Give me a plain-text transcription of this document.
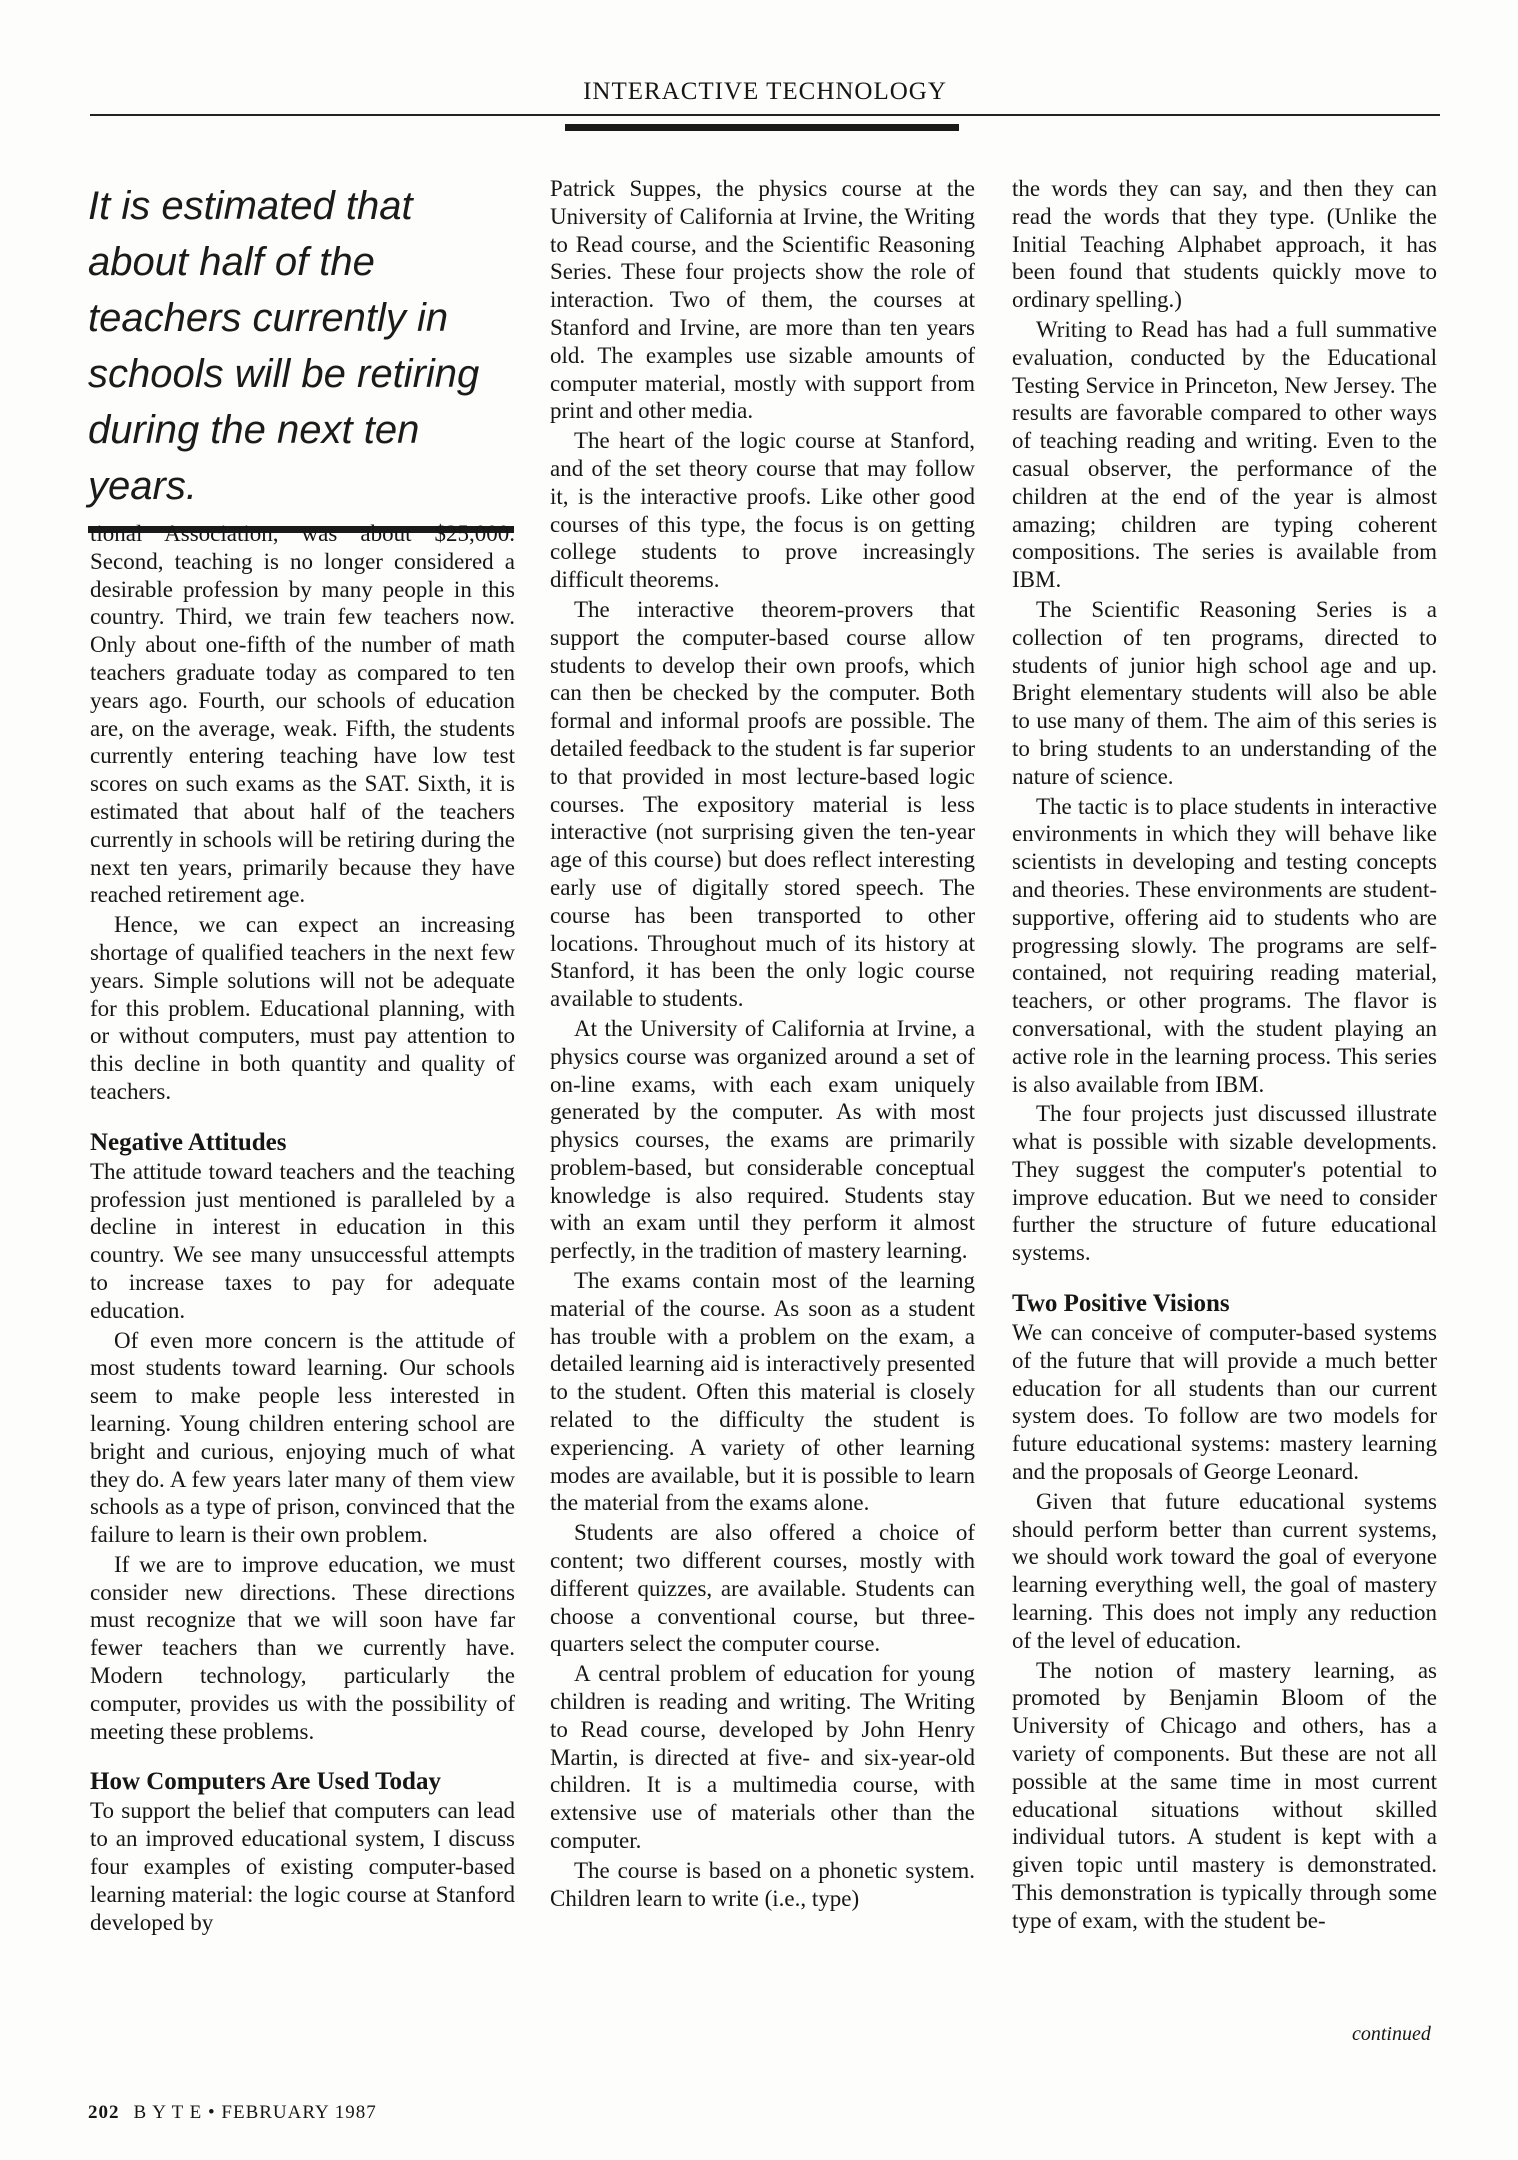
INTERACTIVE TECHNOLOGY
It is estimated that about half of the teachers currently in schools will be retiring during the next ten years.

tional Association, was about $25,000. Second, teaching is no longer considered a desirable profession by many people in this country. Third, we train few teachers now. Only about one-fifth of the number of math teachers graduate today as compared to ten years ago. Fourth, our schools of education are, on the average, weak. Fifth, the students currently entering teaching have low test scores on such exams as the SAT. Sixth, it is estimated that about half of the teachers currently in schools will be retiring during the next ten years, primarily because they have reached retirement age.

Hence, we can expect an increasing shortage of qualified teachers in the next few years. Simple solutions will not be adequate for this problem. Educational planning, with or without computers, must pay attention to this decline in both quantity and quality of teachers.

Negative Attitudes

The attitude toward teachers and the teaching profession just mentioned is paralleled by a decline in interest in education in this country. We see many unsuccessful attempts to increase taxes to pay for adequate education.

Of even more concern is the attitude of most students toward learning. Our schools seem to make people less interested in learning. Young children entering school are bright and curious, enjoying much of what they do. A few years later many of them view schools as a type of prison, convinced that the failure to learn is their own problem.

If we are to improve education, we must consider new directions. These directions must recognize that we will soon have far fewer teachers than we currently have. Modern technology, particularly the computer, provides us with the possibility of meeting these problems.

How Computers Are Used Today

To support the belief that computers can lead to an improved educational system, I discuss four examples of existing computer-based learning material: the logic course at Stanford developed by

Patrick Suppes, the physics course at the University of California at Irvine, the Writing to Read course, and the Scientific Reasoning Series. These four projects show the role of interaction. Two of them, the courses at Stanford and Irvine, are more than ten years old. The examples use sizable amounts of computer material, mostly with support from print and other media.

The heart of the logic course at Stanford, and of the set theory course that may follow it, is the interactive proofs. Like other good courses of this type, the focus is on getting college students to prove increasingly difficult theorems.

The interactive theorem-provers that support the computer-based course allow students to develop their own proofs, which can then be checked by the computer. Both formal and informal proofs are possible. The detailed feedback to the student is far superior to that provided in most lecture-based logic courses. The expository material is less interactive (not surprising given the ten-year age of this course) but does reflect interesting early use of digitally stored speech. The course has been transported to other locations. Throughout much of its history at Stanford, it has been the only logic course available to students.

At the University of California at Irvine, a physics course was organized around a set of on-line exams, with each exam uniquely generated by the computer. As with most physics courses, the exams are primarily problem-based, but considerable conceptual knowledge is also required. Students stay with an exam until they perform it almost perfectly, in the tradition of mastery learning.

The exams contain most of the learning material of the course. As soon as a student has trouble with a problem on the exam, a detailed learning aid is interactively presented to the student. Often this material is closely related to the difficulty the student is experiencing. A variety of other learning modes are available, but it is possible to learn the material from the exams alone.

Students are also offered a choice of content; two different courses, mostly with different quizzes, are available. Students can choose a conventional course, but three-quarters select the computer course.

A central problem of education for young children is reading and writing. The Writing to Read course, developed by John Henry Martin, is directed at five- and six-year-old children. It is a multimedia course, with extensive use of materials other than the computer.

The course is based on a phonetic system. Children learn to write (i.e., type)

the words they can say, and then they can read the words that they type. (Unlike the Initial Teaching Alphabet approach, it has been found that students quickly move to ordinary spelling.)

Writing to Read has had a full summative evaluation, conducted by the Educational Testing Service in Princeton, New Jersey. The results are favorable compared to other ways of teaching reading and writing. Even to the casual observer, the performance of the children at the end of the year is almost amazing; children are typing coherent compositions. The series is available from IBM.

The Scientific Reasoning Series is a collection of ten programs, directed to students of junior high school age and up. Bright elementary students will also be able to use many of them. The aim of this series is to bring students to an understanding of the nature of science.

The tactic is to place students in interactive environments in which they will behave like scientists in developing and testing concepts and theories. These environments are student-supportive, offering aid to students who are progressing slowly. The programs are self-contained, not requiring reading material, teachers, or other programs. The flavor is conversational, with the student playing an active role in the learning process. This series is also available from IBM.

The four projects just discussed illustrate what is possible with sizable developments. They suggest the computer's potential to improve education. But we need to consider further the structure of future educational systems.

Two Positive Visions

We can conceive of computer-based systems of the future that will provide a much better education for all students than our current system does. To follow are two models for future educational systems: mastery learning and the proposals of George Leonard.

Given that future educational systems should perform better than current systems, we should work toward the goal of everyone learning everything well, the goal of mastery learning. This does not imply any reduction of the level of education.

The notion of mastery learning, as promoted by Benjamin Bloom of the University of Chicago and others, has a variety of components. But these are not all possible at the same time in most current educational situations without skilled individual tutors. A student is kept with a given topic until mastery is demonstrated. This demonstration is typically through some type of exam, with the student be-

continued
202 B Y T E • FEBRUARY 1987
